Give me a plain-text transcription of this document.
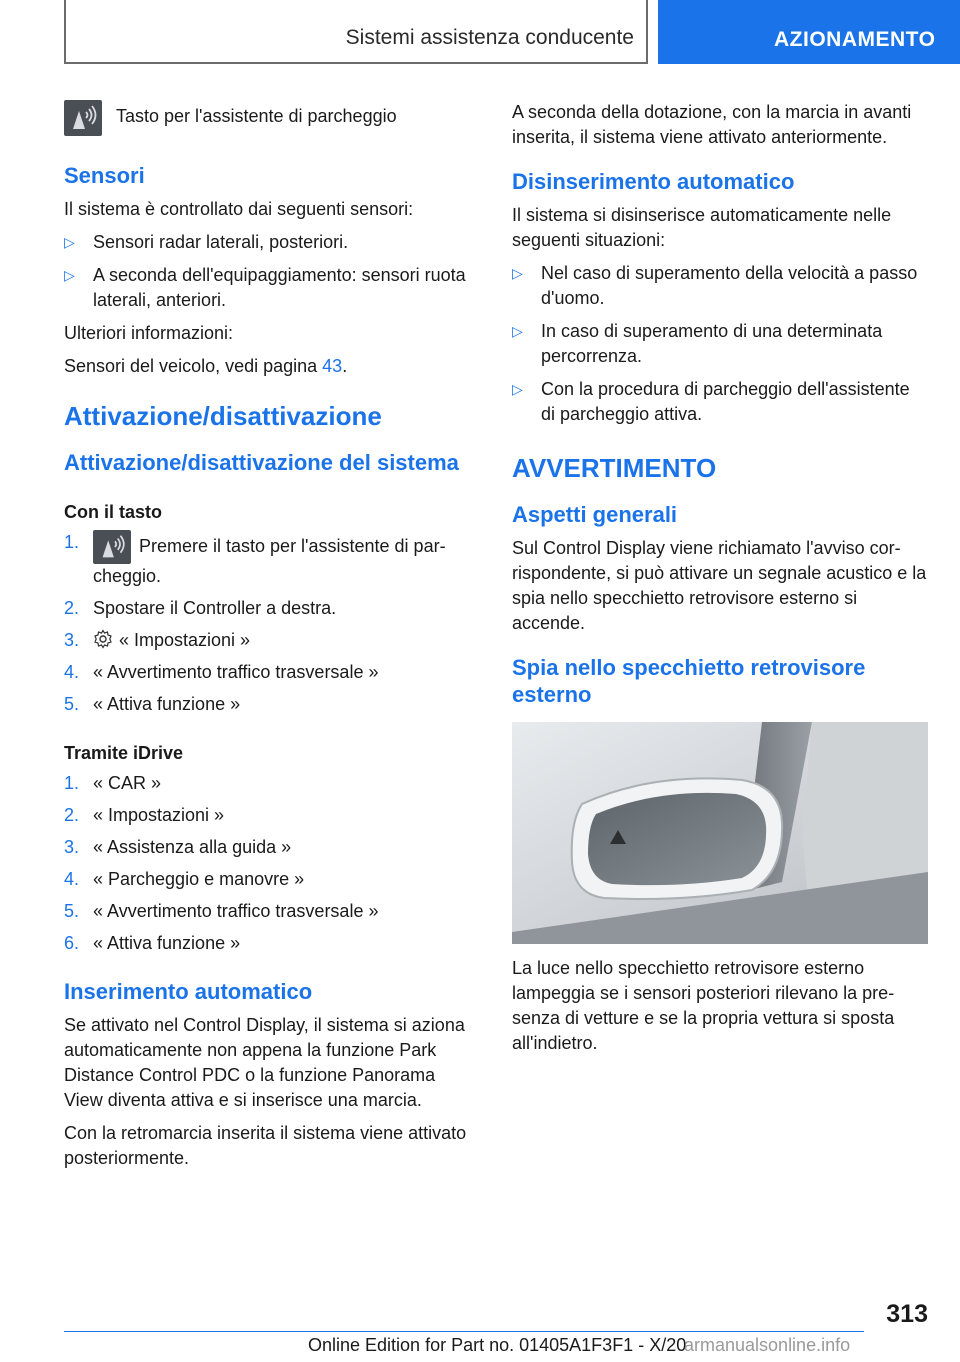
Sistemi assistenza conducente	AZIONAMENTO

Tasto per l'assistente di parcheggio

Sensori

Il sistema è controllato dai seguenti sensori:

▷ Sensori radar laterali, posteriori.
▷ A seconda dell'equipaggiamento: sensori ruota laterali, anteriori.

Ulteriori informazioni:

Sensori del veicolo, vedi pagina 43.

Attivazione/disattivazione
Attivazione/disattivazione del sistema
Con il tasto
1.	Premere il tasto per l'assistente di parcheggio.
2. Spostare il Controller a destra.
3. « Impostazioni »
4. « Avvertimento traffico trasversale »
5. « Attiva funzione »
Tramite iDrive
1. « CAR »
2. « Impostazioni »
3. « Assistenza alla guida »
4. « Parcheggio e manovre »
5. « Avvertimento traffico trasversale »
6. « Attiva funzione »
Inserimento automatico

Se attivato nel Control Display, il sistema si aziona automaticamente non appena la funzione Park Distance Control PDC o la funzione Panorama View diventa attiva e si inserisce una marcia.

Con la retromarcia inserita il sistema viene attivato posteriormente.

A seconda della dotazione, con la marcia in avanti inserita, il sistema viene attivato anteriormente.

Disinserimento automatico

Il sistema si disinserisce automaticamente nelle seguenti situazioni:

▷ Nel caso di superamento della velocità a passo d'uomo.
▷ In caso di superamento di una determinata percorrenza.
▷ Con la procedura di parcheggio dell'assistente di parcheggio attiva.
AVVERTIMENTO
Aspetti generali

Sul Control Display viene richiamato l'avviso corrispondente, si può attivare un segnale acustico e la spia nello specchietto retrovisore esterno si accende.

Spia nello specchietto retrovisore esterno

La luce nello specchietto retrovisore esterno lampeggia se i sensori posteriori rilevano la presenza di vetture e se la propria vettura si sposta all'indietro.

313
Online Edition for Part no. 01405A1F3F1 - X/20
armanualsonline.info
